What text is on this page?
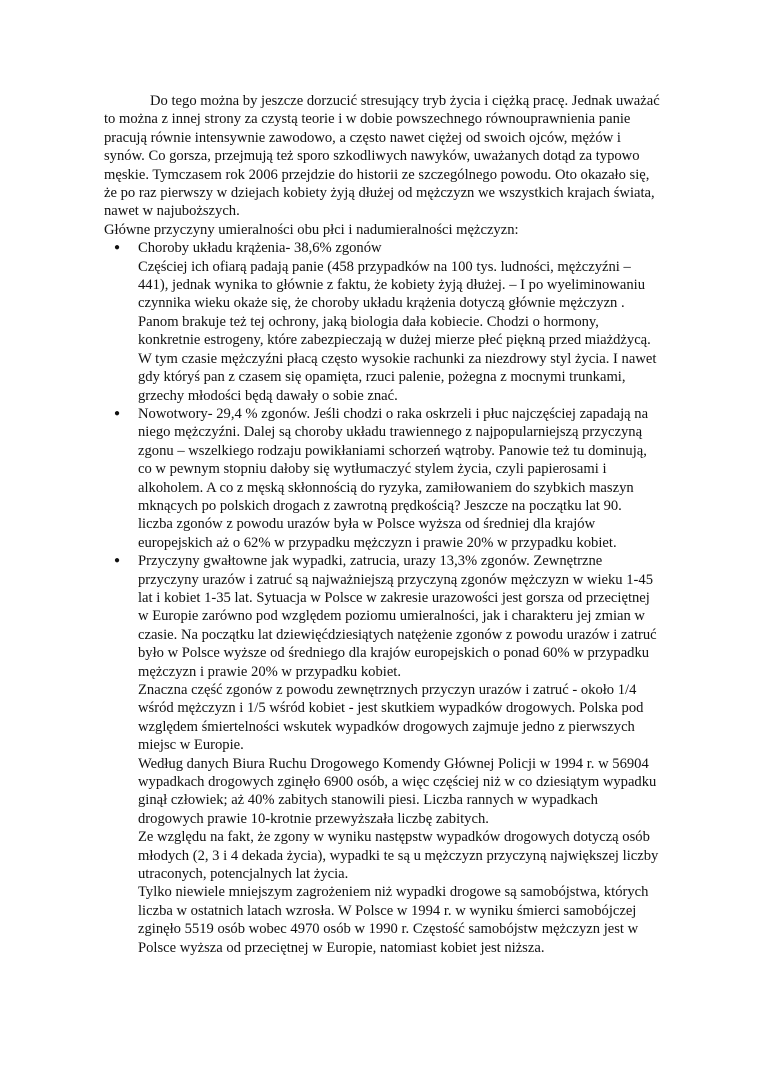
Do tego można by jeszcze dorzucić stresujący tryb życia i ciężką pracę. Jednak uważać to można z innej strony za czystą teorie i w dobie powszechnego równouprawnienia panie pracują równie intensywnie zawodowo, a często nawet ciężej od swoich ojców, mężów i synów. Co gorsza, przejmują też sporo szkodliwych nawyków, uważanych dotąd za typowo męskie. Tymczasem rok 2006 przejdzie do historii ze szczególnego powodu. Oto okazało się, że po raz pierwszy w dziejach kobiety żyją dłużej od mężczyzn we wszystkich krajach świata, nawet w najuboższych.

Główne przyczyny umieralności obu płci i nadumieralności mężczyzn:

● Choroby układu krążenia- 38,6% zgonów

Częściej ich ofiarą padają panie (458 przypadków na 100 tys. ludności, mężczyźni – 441), jednak wynika to głównie z faktu, że kobiety żyją dłużej. – I po wyeliminowaniu czynnika wieku okaże się, że choroby układu krążenia dotyczą głównie mężczyzn . Panom brakuje też tej ochrony, jaką biologia dała kobiecie. Chodzi o hormony, konkretnie estrogeny, które zabezpieczają w dużej mierze płeć piękną przed miażdżycą. W tym czasie mężczyźni płacą często wysokie rachunki za niezdrowy styl życia. I nawet gdy któryś pan z czasem się opamięta, rzuci palenie, pożegna z mocnymi trunkami, grzechy młodości będą dawały o sobie znać.

● Nowotwory- 29,4 % zgonów. Jeśli chodzi o raka oskrzeli i płuc najczęściej zapadają na niego mężczyźni. Dalej są choroby układu trawiennego z najpopularniejszą przyczyną zgonu – wszelkiego rodzaju powikłaniami schorzeń wątroby. Panowie też tu dominują, co w pewnym stopniu dałoby się wytłumaczyć stylem życia, czyli papierosami i alkoholem. A co z męską skłonnością do ryzyka, zamiłowaniem do szybkich maszyn mknących po polskich drogach z zawrotną prędkością? Jeszcze na początku lat 90. liczba zgonów z powodu urazów była w Polsce wyższa od średniej dla krajów europejskich aż o 62% w przypadku mężczyzn i prawie 20% w przypadku kobiet.

● Przyczyny gwałtowne jak wypadki, zatrucia, urazy 13,3% zgonów. Zewnętrzne przyczyny urazów i zatruć są najważniejszą przyczyną zgonów mężczyzn w wieku 1-45 lat i kobiet 1-35 lat. Sytuacja w Polsce w zakresie urazowości jest gorsza od przeciętnej w Europie zarówno pod względem poziomu umieralności, jak i charakteru jej zmian w czasie. Na początku lat dziewięćdziesiątych natężenie zgonów z powodu urazów i zatruć było w Polsce wyższe od średniego dla krajów europejskich o ponad 60% w przypadku mężczyzn i prawie 20% w przypadku kobiet.

Znaczna część zgonów z powodu zewnętrznych przyczyn urazów i zatruć - około 1/4 wśród mężczyzn i 1/5 wśród kobiet - jest skutkiem wypadków drogowych. Polska pod względem śmiertelności wskutek wypadków drogowych zajmuje jedno z pierwszych miejsc w Europie.

Według danych Biura Ruchu Drogowego Komendy Głównej Policji w 1994 r. w 56904 wypadkach drogowych zginęło 6900 osób, a więc częściej niż w co dziesiątym wypadku ginął człowiek; aż 40% zabitych stanowili piesi. Liczba rannych w wypadkach drogowych prawie 10-krotnie przewyższała liczbę zabitych.

Ze względu na fakt, że zgony w wyniku następstw wypadków drogowych dotyczą osób młodych (2, 3 i 4 dekada życia), wypadki te są u mężczyzn przyczyną największej liczby utraconych, potencjalnych lat życia.

Tylko niewiele mniejszym zagrożeniem niż wypadki drogowe są samobójstwa, których liczba w ostatnich latach wzrosła. W Polsce w 1994 r. w wyniku śmierci samobójczej zginęło 5519 osób wobec 4970 osób w 1990 r. Częstość samobójstw mężczyzn jest w Polsce wyższa od przeciętnej w Europie, natomiast kobiet jest niższa.
